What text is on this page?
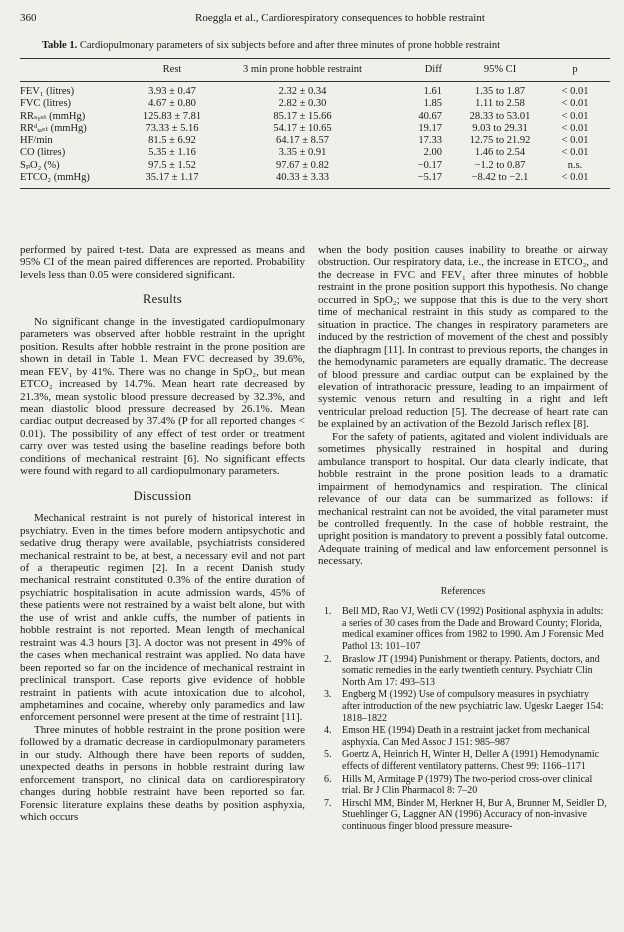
360	Roeggla et al., Cardiorespiratory consequences to hobble restraint
Table 1. Cardiopulmonary parameters of six subjects before and after three minutes of prone hobble restraint
Rest	3 min prone hobble restraint	Diff	95% CI	p
FEV₁ (litres)	3.93 ± 0.47	2.32 ± 0.34	1.61	1.35 to 1.87	< 0.01
FVC (litres)	4.67 ± 0.80	2.82 ± 0.30	1.85	1.11 to 2.58	< 0.01
RRₛᵧₛₜ (mmHg)	125.83 ± 7.81	85.17 ± 15.66	40.67	28.33 to 53.01	< 0.01
RRᵈᵢₐₛₜ (mmHg)	73.33 ± 5.16	54.17 ± 10.65	19.17	9.03 to 29.31	< 0.01
HF/min	81.5 ± 6.92	64.17 ± 8.57	17.33	12.75 to 21.92	< 0.01
CO (litres)	5.35 ± 1.16	3.35 ± 0.91	2.00	1.46 to 2.54	< 0.01
SₚO₂ (%)	97.5 ± 1.52	97.67 ± 0.82	−0.17	−1.2 to 0.87	n.s.
ETCO₂ (mmHg)	35.17 ± 1.17	40.33 ± 3.33	−5.17	−8.42 to −2.1	< 0.01

performed by paired t-test. Data are expressed as means and 95% CI of the mean paired differences are reported. Probability levels less than 0.05 were considered significant.

Results

No significant change in the investigated cardiopulmonary parameters was observed after hobble restraint in the upright position. Results after hobble restraint in the prone position are shown in detail in Table 1. Mean FVC decreased by 39.6%, mean FEV₁ by 41%. There was no change in SpO₂, but mean ETCO₂ increased by 14.7%. Mean heart rate decreased by 21.3%, mean systolic blood pressure decreased by 32.3%, and mean diastolic blood pressure decreased by 26.1%. Mean cardiac output decreased by 37.4% (P for all reported changes < 0.01). The possibility of any effect of test order or treatment carry over was tested using the baseline readings before both conditions of mechanical restraint [6]. No significant effects were found with regard to all cardiopulmonary parameters.

Discussion

Mechanical restraint is not purely of historical interest in psychiatry. Even in the times before modern antipsychotic and sedative drug therapy were available, psychiatrists considered mechanical restraint to be, at best, a necessary evil and not part of a therapeutic regimen [2]. In a recent Danish study mechanical restraint constituted 0.3% of the entire duration of psychiatric hospitalisation in acute admission wards, 45% of these patients were not restrained by a waist belt alone, but with the use of wrist and ankle cuffs, the number of patients in hobble restraint is not reported. Mean length of mechanical restraint was 4.3 hours [3]. A doctor was not present in 49% of the cases when mechanical restraint was applied. No data have been reported so far on the incidence of mechanical restraint in preclinical transport. Case reports give evidence of hobble restraint in patients with acute intoxication due to alcohol, amphetamines and cocaine, whereby only paramedics and law enforcement personnel were present at the time of restraint [11].

Three minutes of hobble restraint in the prone position were followed by a dramatic decrease in cardiopulmonary parameters in our study. Although there have been reports of sudden, unexpected deaths in persons in hobble restraint during law enforcement transport, no clinical data on cardiorespiratory changes during hobble restraint have been reported so far. Forensic literature explains these deaths by position asphyxia, which occurs

when the body position causes inability to breathe or airway obstruction. Our respiratory data, i.e., the increase in ETCO₂, and the decrease in FVC and FEV₁ after three minutes of hobble restraint in the prone position support this hypothesis. No change occurred in SpO₂; we suppose that this is due to the very short time of mechanical restraint in this study as compared to the situation in practice. The changes in respiratory parameters are induced by the restriction of movement of the chest and possibly the diaphragm [11]. In contrast to previous reports, the changes in the hemodynamic parameters are equally dramatic. The decrease of blood pressure and cardiac output can be explained by the elevation of intrathoracic pressure, leading to an impairment of systemic venous return and resulting in a right and left ventricular preload reduction [5]. The decrease of heart rate can be explained by an activation of the Bezold Jarisch reflex [8].

For the safety of patients, agitated and violent individuals are sometimes physically restrained in hospital and during ambulance transport to hospital. Our data clearly indicate, that hobble restraint in the prone position leads to a dramatic impairment of hemodynamics and respiration. The clinical relevance of our data can be summarized as follows: if mechanical restraint can not be avoided, the vital parameter must be controlled frequently. In the case of hobble restraint, the upright position is mandatory to prevent a possibly fatal outcome. Adequate training of medical and law enforcement personnel is necessary.

References
1. Bell MD, Rao VJ, Wetli CV (1992) Positional asphyxia in adults: a series of 30 cases from the Dade and Broward County; Florida, medical examiner offices from 1982 to 1990. Am J Forensic Med Pathol 13: 101–107
2. Braslow JT (1994) Punishment or therapy. Patients, doctors, and somatic remedies in the early twentieth century. Psychiatr Clin North Am 17: 493–513
3. Engberg M (1992) Use of compulsory measures in psychiatry after introduction of the new psychiatric law. Ugeskr Laeger 154: 1818–1822
4. Emson HE (1994) Death in a restraint jacket from mechanical asphyxia. Can Med Assoc J 151: 985–987
5. Goertz A, Heinrich H, Winter H, Deller A (1991) Hemodynamic effects of different ventilatory patterns. Chest 99: 1166–1171
6. Hills M, Armitage P (1979) The two-period cross-over clinical trial. Br J Clin Pharmacol 8: 7–20
7. Hirschl MM, Binder M, Herkner H, Bur A, Brunner M, Seidler D, Stuehlinger G, Laggner AN (1996) Accuracy of non-invasive continuous finger blood pressure measure-
